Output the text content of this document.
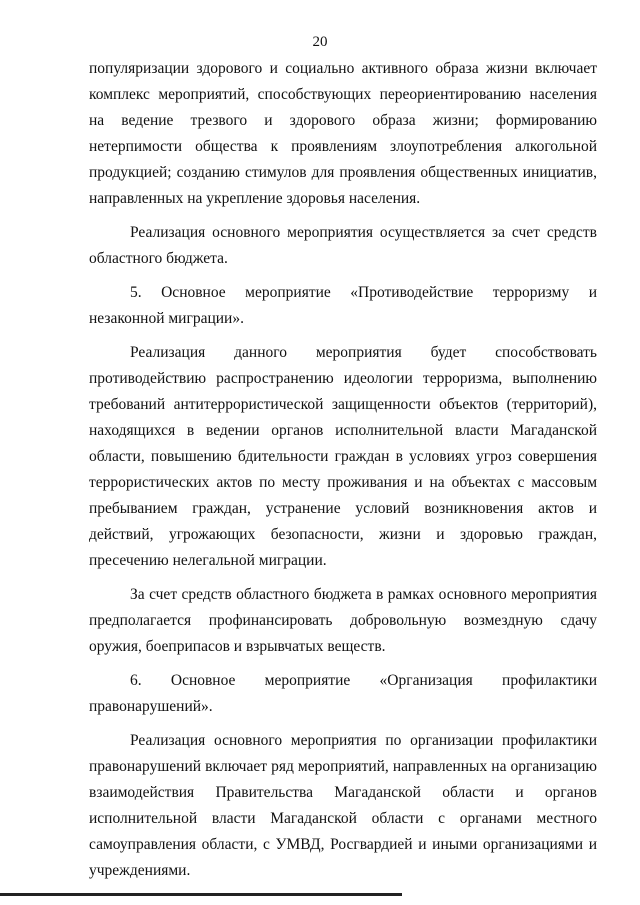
20

популяризации здорового и социально активного образа жизни включает комплекс мероприятий, способствующих переориентированию населения на ведение трезвого и здорового образа жизни; формированию нетерпимости общества к проявлениям злоупотребления алкогольной продукцией; созданию стимулов для проявления общественных инициатив, направленных на укрепление здоровья населения.

Реализация основного мероприятия осуществляется за счет средств областного бюджета.

5. Основное мероприятие «Противодействие терроризму и незаконной миграции».

Реализация данного мероприятия будет способствовать противодействию распространению идеологии терроризма, выполнению требований антитеррористической защищенности объектов (территорий), находящихся в ведении органов исполнительной власти Магаданской области, повышению бдительности граждан в условиях угроз совершения террористических актов по месту проживания и на объектах с массовым пребыванием граждан, устранение условий возникновения актов и действий, угрожающих безопасности, жизни и здоровью граждан, пресечению нелегальной миграции.

За счет средств областного бюджета в рамках основного мероприятия предполагается профинансировать добровольную возмездную сдачу оружия, боеприпасов и взрывчатых веществ.

6. Основное мероприятие «Организация профилактики правонарушений».

Реализация основного мероприятия по организации профилактики правонарушений включает ряд мероприятий, направленных на организацию взаимодействия Правительства Магаданской области и органов исполнительной власти Магаданской области с органами местного самоуправления области, с УМВД, Росгвардией и иными организациями и учреждениями.
